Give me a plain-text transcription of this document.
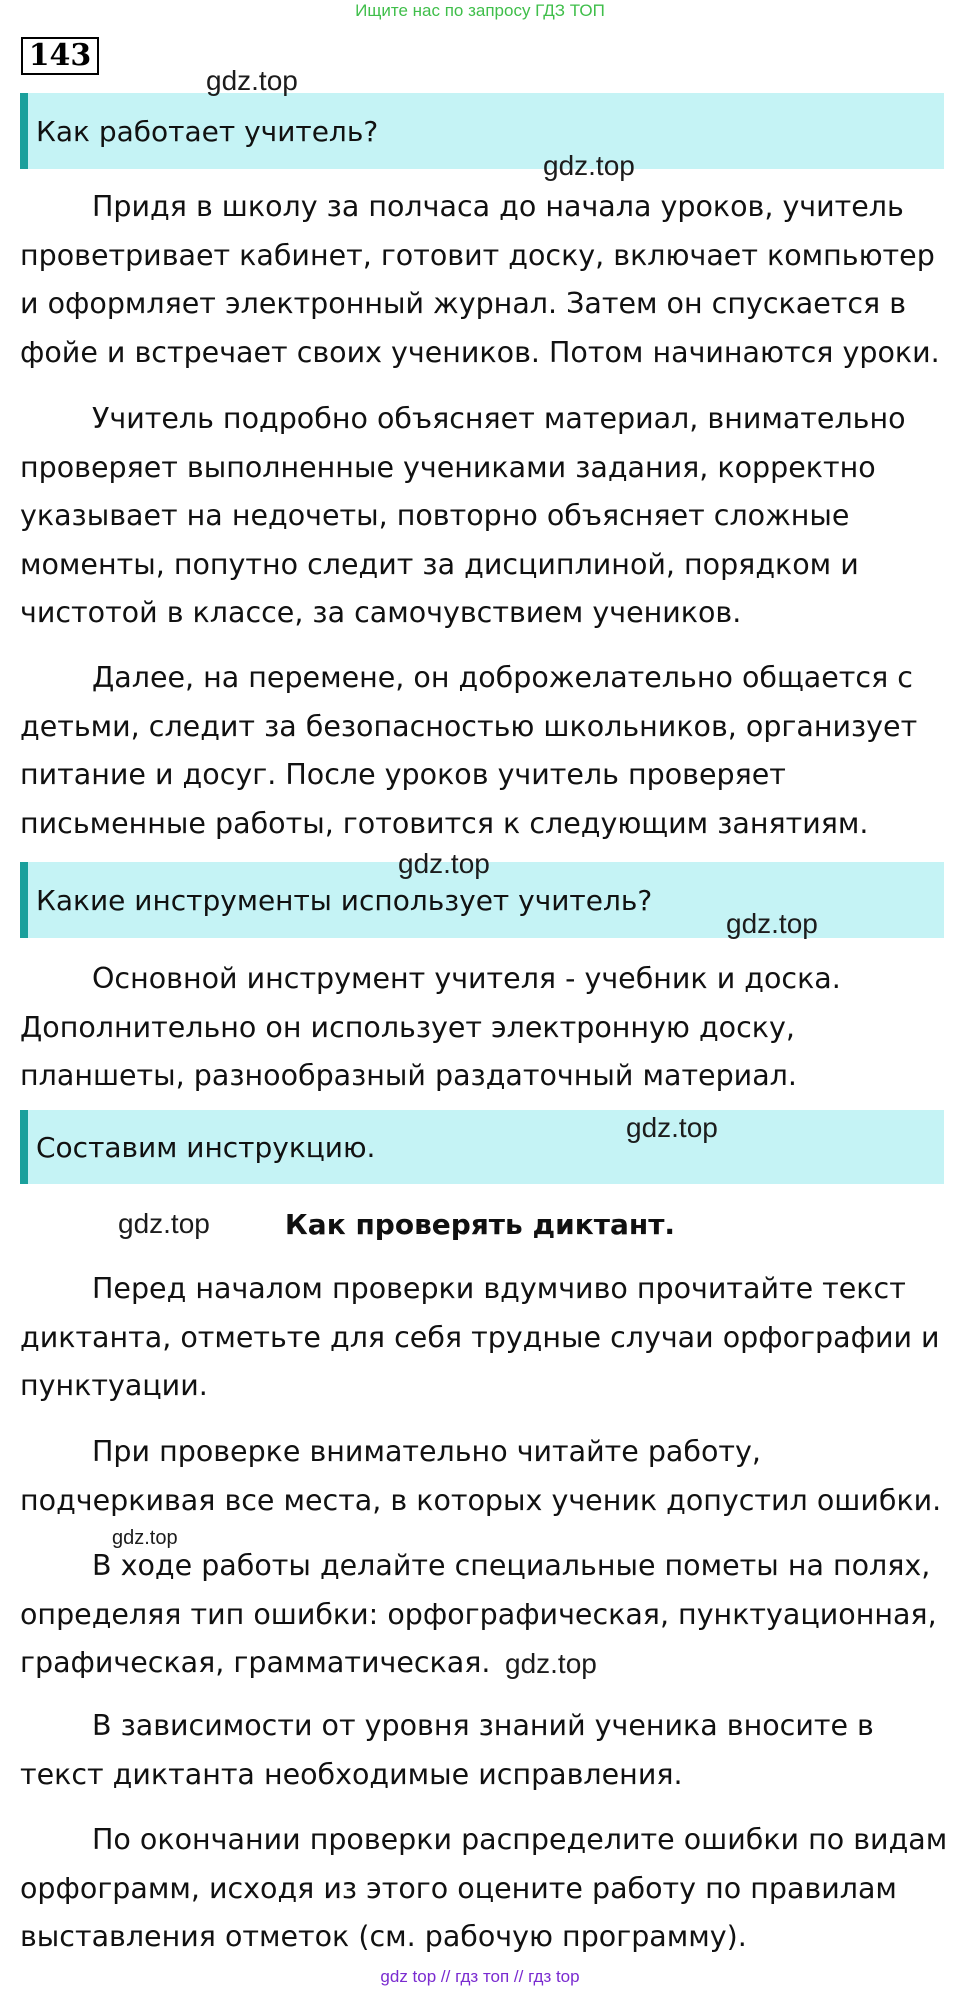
Ищите нас по запросу ГДЗ ТОП
143
Как работает учитель?

Придя в школу за полчаса до начала уроков, учитель проветривает кабинет, готовит доску, включает компьютер и оформляет электронный журнал. Затем он спускается в фойе и встречает своих учеников. Потом начинаются уроки.

Учитель подробно объясняет материал, внимательно проверяет выполненные учениками задания, корректно указывает на недочеты, повторно объясняет сложные моменты, попутно следит за дисциплиной, порядком и чистотой в классе, за самочувствием учеников.

Далее, на перемене, он доброжелательно общается с детьми, следит за безопасностью школьников, организует питание и досуг. После уроков учитель проверяет письменные работы, готовится к следующим занятиям.

Какие инструменты использует учитель?

Основной инструмент учителя - учебник и доска. Дополнительно он использует электронную доску, планшеты, разнообразный раздаточный материал.

Составим инструкцию.
Как проверять диктант.

Перед началом проверки вдумчиво прочитайте текст диктанта, отметьте для себя трудные случаи орфографии и пунктуации.

При проверке внимательно читайте работу, подчеркивая все места, в которых ученик допустил ошибки.

В ходе работы делайте специальные пометы на полях, определяя тип ошибки: орфографическая, пунктуационная, графическая, грамматическая.

В зависимости от уровня знаний ученика вносите в текст диктанта необходимые исправления.

По окончании проверки распределите ошибки по видам орфограмм, исходя из этого оцените работу по правилам выставления отметок (см. рабочую программу).

gdz.top
gdz.top
gdz.top
gdz.top
gdz.top
gdz.top
gdz.top
gdz.top
gdz top // гдз топ // гдз top
